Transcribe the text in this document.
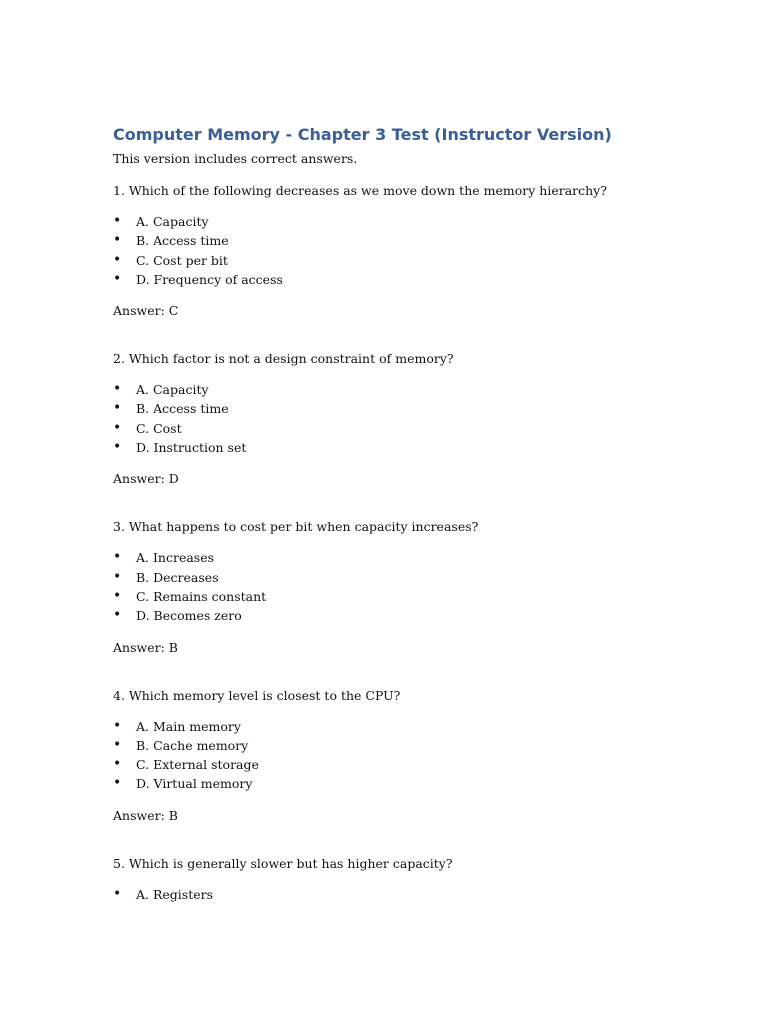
Computer Memory - Chapter 3 Test (Instructor Version)

This version includes correct answers.

1. Which of the following decreases as we move down the memory hierarchy?

• A. Capacity
• B. Access time
• C. Cost per bit
• D. Frequency of access

Answer: C

2. Which factor is not a design constraint of memory?

• A. Capacity
• B. Access time
• C. Cost
• D. Instruction set

Answer: D

3. What happens to cost per bit when capacity increases?

• A. Increases
• B. Decreases
• C. Remains constant
• D. Becomes zero

Answer: B

4. Which memory level is closest to the CPU?

• A. Main memory
• B. Cache memory
• C. External storage
• D. Virtual memory

Answer: B

5. Which is generally slower but has higher capacity?

• A. Registers
